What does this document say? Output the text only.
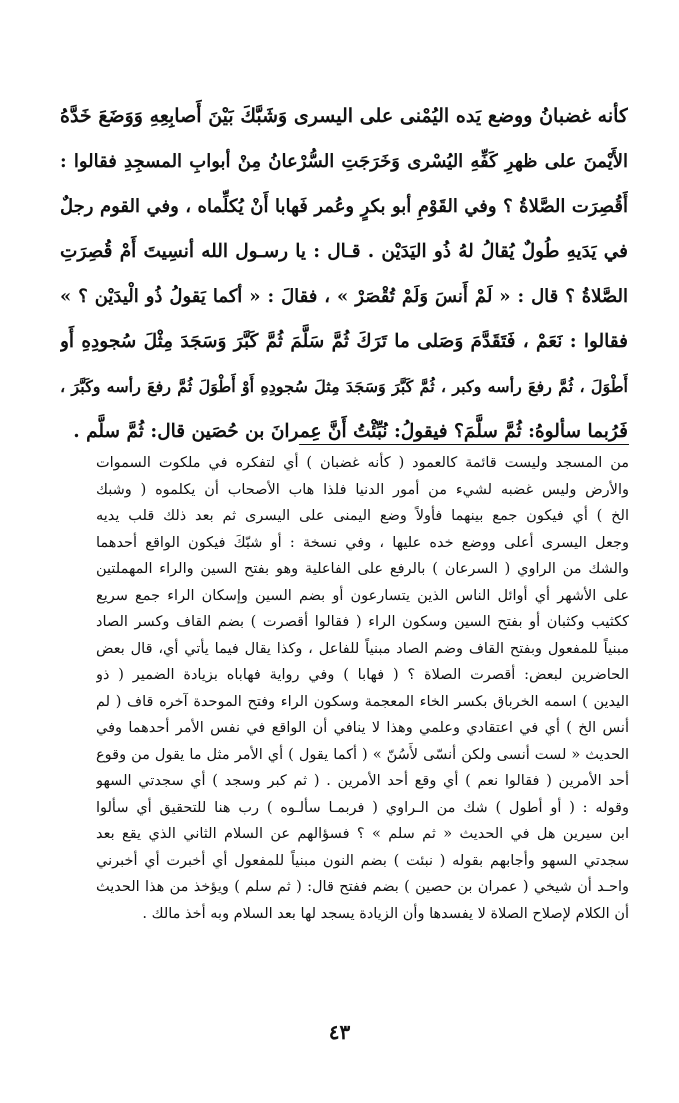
كأنه غضبانُ ووضع يَده اليُمْنى على اليسرى وَشَبَّكَ بَيْنَ أَصابِعِهِ وَوَضَعَ خَدَّهُ
الأَيْمنَ على ظهرِ كَفِّهِ اليُسْرى وَخَرَجَتِ السُّرْعانُ مِنْ أبوابِ المسجِدِ فقالوا :
أَقُصِرَت الصَّلاةُ ؟ وفي القَوْمِ أبو بكرٍ وعُمر فَهابا أَنْ يُكلِّماه ، وفي القوم رجلٌ
في يَدَيهِ طُولٌ يُقالُ لهُ ذُو اليَدَيْن . قـال : يا رسـول الله أنسِيتَ أَمْ قُصِرَتِ
الصَّلاةُ ؟ قال : « لَمْ أَنسَ وَلَمْ تُقْصَرْ » ، فقالَ : « أكما يَقولُ ذُو الْيدَيْن ؟ »
فقالوا : نَعَمْ ، فَتَقَدَّمَ وَصَلى ما تَرَكَ ثُمَّ سَلَّمَ ثُمَّ كَبَّرَ وَسَجَدَ مِثْلَ سُجودِهِ أَو
أَطْوَلَ ، ثُمَّ رفعَ رأسه وكبر ، ثُمَّ كَبَّرَ وَسَجَدَ مِثلَ سُجودِهِ أَوْ أَطْوَلَ ثُمَّ رفعَ رأسه وكَبَّرَ ،
فَرُبما سألوهُ: ثُمَّ سلَّمَ؟ فيقولُ: نُبِّئْتُ أَنَّ عِمرانَ بن حُصَين قال: ثُمَّ سلَّم .
من المسجد وليست قائمة كالعمود ( كأنه غضبان ) أي لتفكره في ملكوت السموات
والأرض وليس غضبه لشيء من أمور الدنيا فلذا هاب الأصحاب أن يكلموه ( وشبك
الخ ) أي فيكون جمع بينهما فأولاً وضع اليمنى على اليسرى ثم بعد ذلك قلب يديه
وجعل اليسرى أعلى ووضع خده عليها ، وفي نسخة : أو شبّكَ فيكون الواقع أحدهما
والشك من الراوي ( السرعان ) بالرفع على الفاعلية وهو بفتح السين والراء المهملتين
على الأشهر أي أوائل الناس الذين يتسارعون أو بضم السين وإسكان الراء جمع سريع
ككثيب وكثبان أو بفتح السين وسكون الراء ( فقالوا أقصرت ) بضم القاف وكسر الصاد
مبنياً للمفعول وبفتح القاف وضم الصاد مبنياً للفاعل ، وكذا يقال فيما يأتي أي، قال بعض
الحاضرين لبعض: أقصرت الصلاة ؟ ( فهابا ) وفي رواية فهاباه بزيادة الضمير ( ذو
اليدين ) اسمه الخرباق بكسر الخاء المعجمة وسكون الراء وفتح الموحدة آخره قاف ( لم
أنس الخ ) أي في اعتقادي وعلمي وهذا لا ينافي أن الواقع في نفس الأمر أحدهما وفي
الحديث « لست أنسى ولكن أنسّى لأَسُنّ » ( أكما يقول ) أي الأمر مثل ما يقول من وقوع
أحد الأمرين ( فقالوا نعم ) أي وقع أحد الأمرين . ( ثم كبر وسجد ) أي سجدتي السهو
وقوله : ( أو أطول ) شك من الـراوي ( فربمـا سألـوه ) رب هنا للتحقيق أي سألوا
ابن سيرين هل في الحديث « ثم سلم » ؟ فسؤالهم عن السلام الثاني الذي يقع بعد
سجدتي السهو وأجابهم بقوله ( نبئت ) بضم النون مبنياً للمفعول أي أخبرت أي أخبرني
واحـد أن شيخي ( عمران بن حصين ) بضم ففتح قال: ( ثم سلم ) ويؤخذ من هذا الحديث
أن الكلام لإصلاح الصلاة لا يفسدها وأن الزيادة يسجد لها بعد السلام وبه أخذ مالك .
٤٣
